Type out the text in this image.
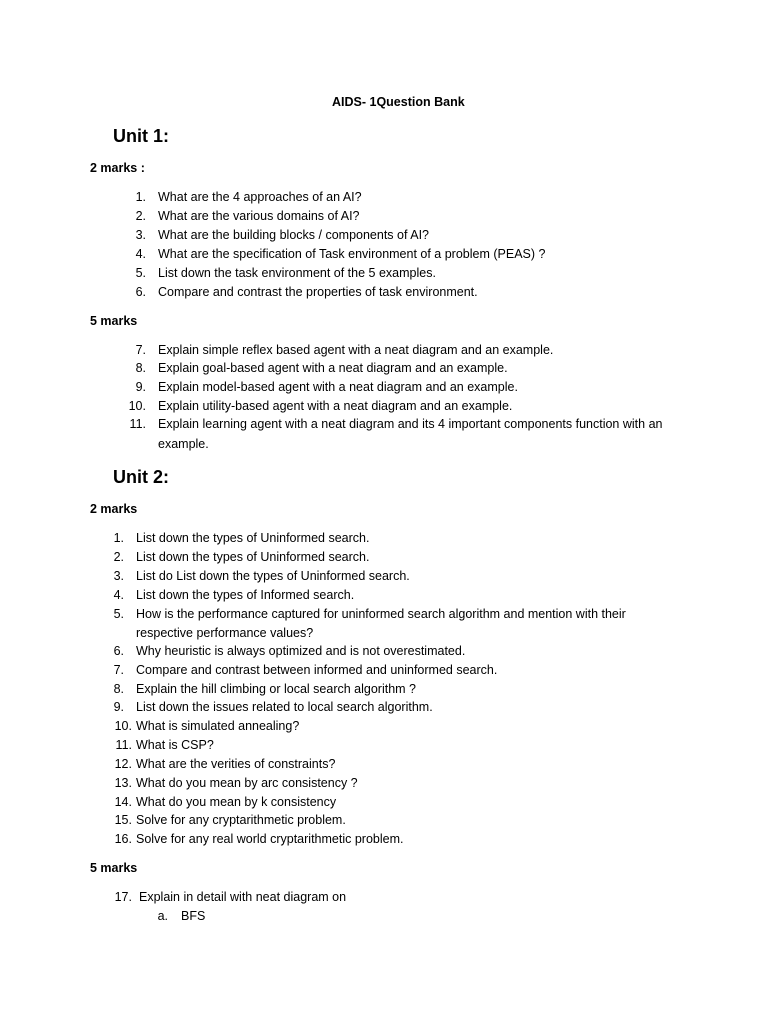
AIDS- 1Question Bank
Unit 1:
2 marks :
1. What are the 4 approaches of an AI?
2. What are the various domains of AI?
3. What are the building blocks / components of AI?
4. What are the specification of Task environment of a problem (PEAS) ?
5. List down the task environment of the 5 examples.
6. Compare and contrast the properties of task environment.
5 marks
7. Explain simple reflex based agent with a neat diagram and an example.
8. Explain goal-based agent with a neat diagram and an example.
9. Explain model-based agent with a neat diagram and an example.
10. Explain utility-based agent with a neat diagram and an example.
11. Explain learning agent with a neat diagram and its 4 important components function with an
example.
Unit 2:
2 marks
1. List down the types of Uninformed search.
2. List down the types of Uninformed search.
3. List do List down the types of Uninformed search.
4. List down the types of Informed search.
5. How is the performance captured for uninformed search algorithm and mention with their
respective performance values?
6. Why heuristic is always optimized and is not overestimated.
7. Compare and contrast between informed and uninformed search.
8. Explain the hill climbing or local search algorithm ?
9. List down the issues related to local search algorithm.
10. What is simulated annealing?
11. What is CSP?
12. What are the verities of constraints?
13. What do you mean by arc consistency ?
14. What do you mean by k consistency
15. Solve for any cryptarithmetic problem.
16. Solve for any real world cryptarithmetic problem.
5 marks
17. Explain in detail with neat diagram on
a. BFS
